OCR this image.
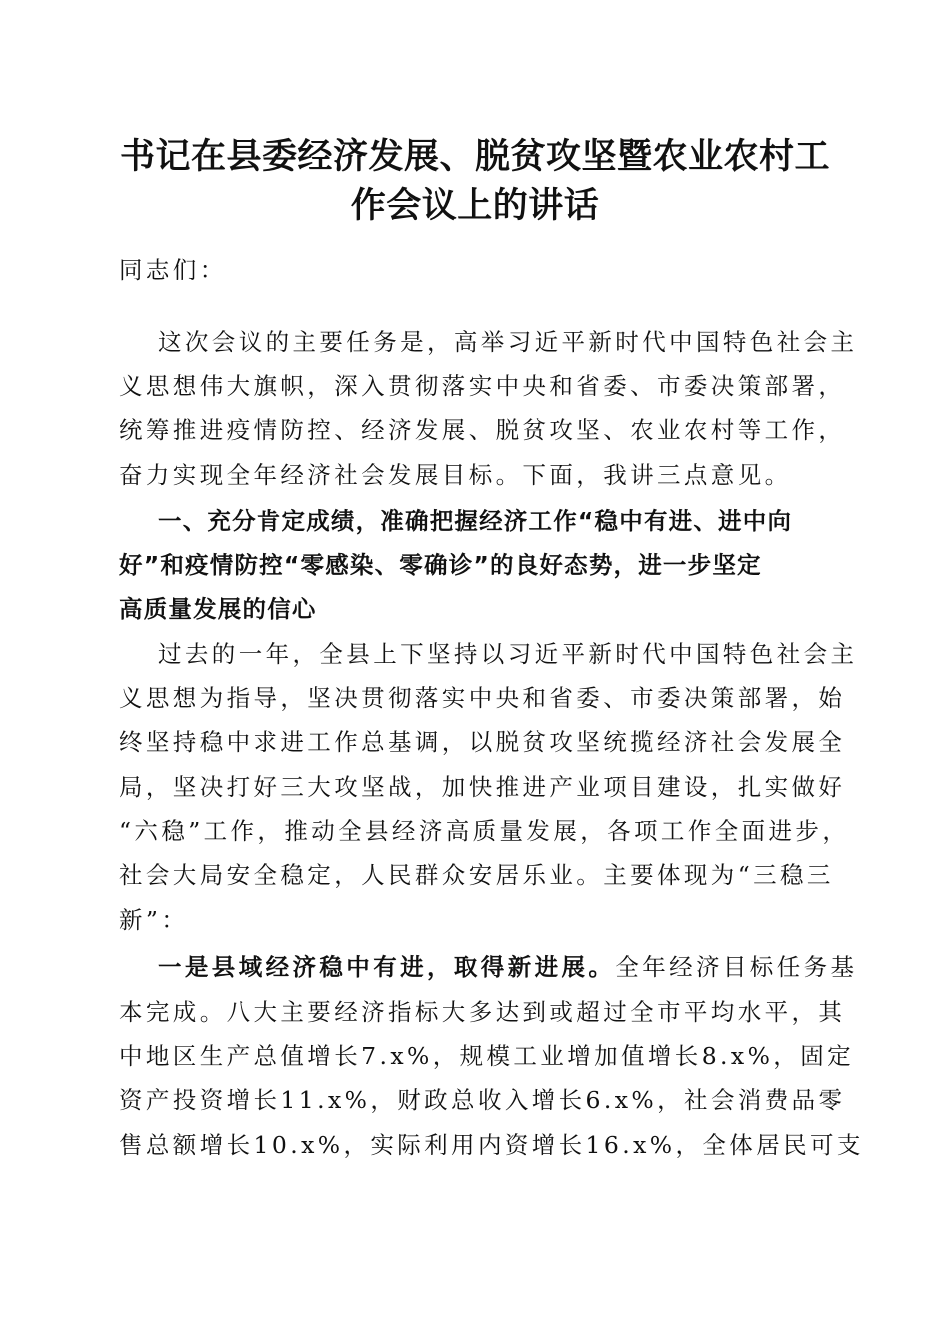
书记在县委经济发展、脱贫攻坚暨农业农村工
作会议上的讲话

同志们：

这次会议的主要任务是，高举习近平新时代中国特色社会主

义思想伟大旗帜，深入贯彻落实中央和省委、市委决策部署，

统筹推进疫情防控、经济发展、脱贫攻坚、农业农村等工作，

奋力实现全年经济社会发展目标。下面，我讲三点意见。

一、充分肯定成绩，准确把握经济工作“稳中有进、进中向

好”和疫情防控“零感染、零确诊”的良好态势，进一步坚定

高质量发展的信心

过去的一年，全县上下坚持以习近平新时代中国特色社会主

义思想为指导，坚决贯彻落实中央和省委、市委决策部署，始

终坚持稳中求进工作总基调，以脱贫攻坚统揽经济社会发展全

局，坚决打好三大攻坚战，加快推进产业项目建设，扎实做好

“六稳”工作，推动全县经济高质量发展，各项工作全面进步，

社会大局安全稳定，人民群众安居乐业。主要体现为“三稳三

新”：

一是县域经济稳中有进，取得新进展。全年经济目标任务基

本完成。八大主要经济指标大多达到或超过全市平均水平，其

中地区生产总值增长7.x%，规模工业增加值增长8.x%，固定

资产投资增长11.x%，财政总收入增长6.x%，社会消费品零

售总额增长10.x%，实际利用内资增长16.x%，全体居民可支
